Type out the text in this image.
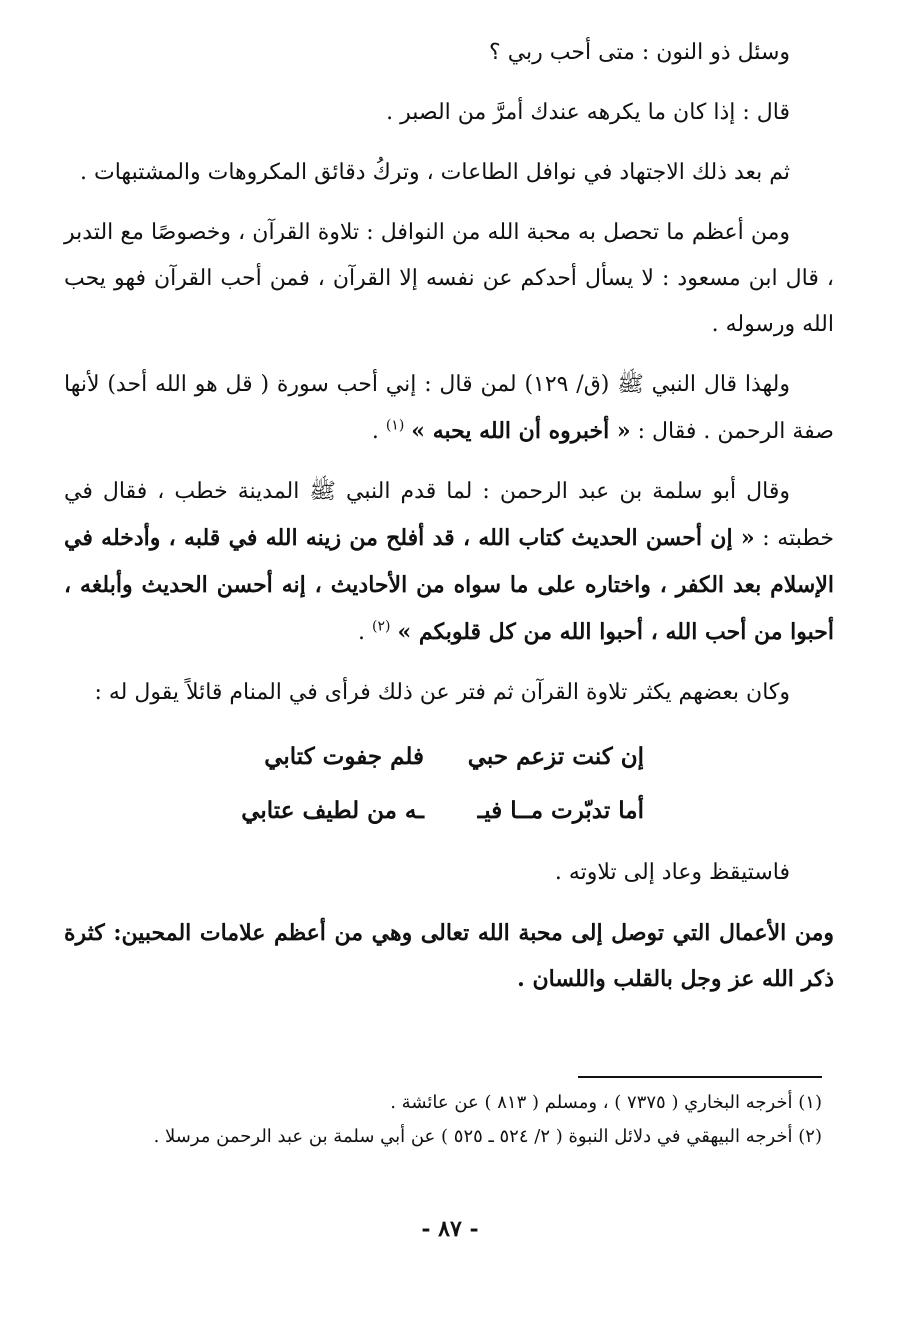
وسئل ذو النون : متى أحب ربي ؟

قال : إذا كان ما يكرهه عندك أمرَّ من الصبر .

ثم بعد ذلك الاجتهاد في نوافل الطاعات ، وتركُ دقائق المكروهات والمشتبهات .

ومن أعظم ما تحصل به محبة الله من النوافل : تلاوة القرآن ، وخصوصًا مع التدبر ، قال ابن مسعود : لا يسأل أحدكم عن نفسه إلا القرآن ، فمن أحب القرآن فهو يحب الله ورسوله .

ولهذا قال النبي ﷺ (ق/ ١٢٩) لمن قال : إني أحب سورة ( قل هو الله أحد) لأنها صفة الرحمن . فقال : « أخبروه أن الله يحبه » $^{(١)}$ .

وقال أبو سلمة بن عبد الرحمن : لما قدم النبي ﷺ المدينة خطب ، فقال في خطبته : « إن أحسن الحديث كتاب الله ، قد أفلح من زينه الله في قلبه ، وأدخله في الإسلام بعد الكفر ، واختاره على ما سواه من الأحاديث ، إنه أحسن الحديث وأبلغه ، أحبوا من أحب الله ، أحبوا الله من كل قلوبكم » $^{(٢)}$ .

وكان بعضهم يكثر تلاوة القرآن ثم فتر عن ذلك فرأى في المنام قائلاً يقول له :

إن كنت تزعم حبيفلم جفوت كتابي
أما تدبّرت مــا فيــه من لطيف عتابي

فاستيقظ وعاد إلى تلاوته .

ومن الأعمال التي توصل إلى محبة الله تعالى وهي من أعظم علامات المحبين: كثرة ذكر الله عز وجل بالقلب واللسان .

(١) أخرجه البخاري ( ٧٣٧٥ ) ، ومسلم ( ٨١٣ ) عن عائشة .

(٢) أخرجه البيهقي في دلائل النبوة ( ٢/ ٥٢٤ ـ ٥٢٥ ) عن أبي سلمة بن عبد الرحمن مرسلا .

- ٨٧ -
